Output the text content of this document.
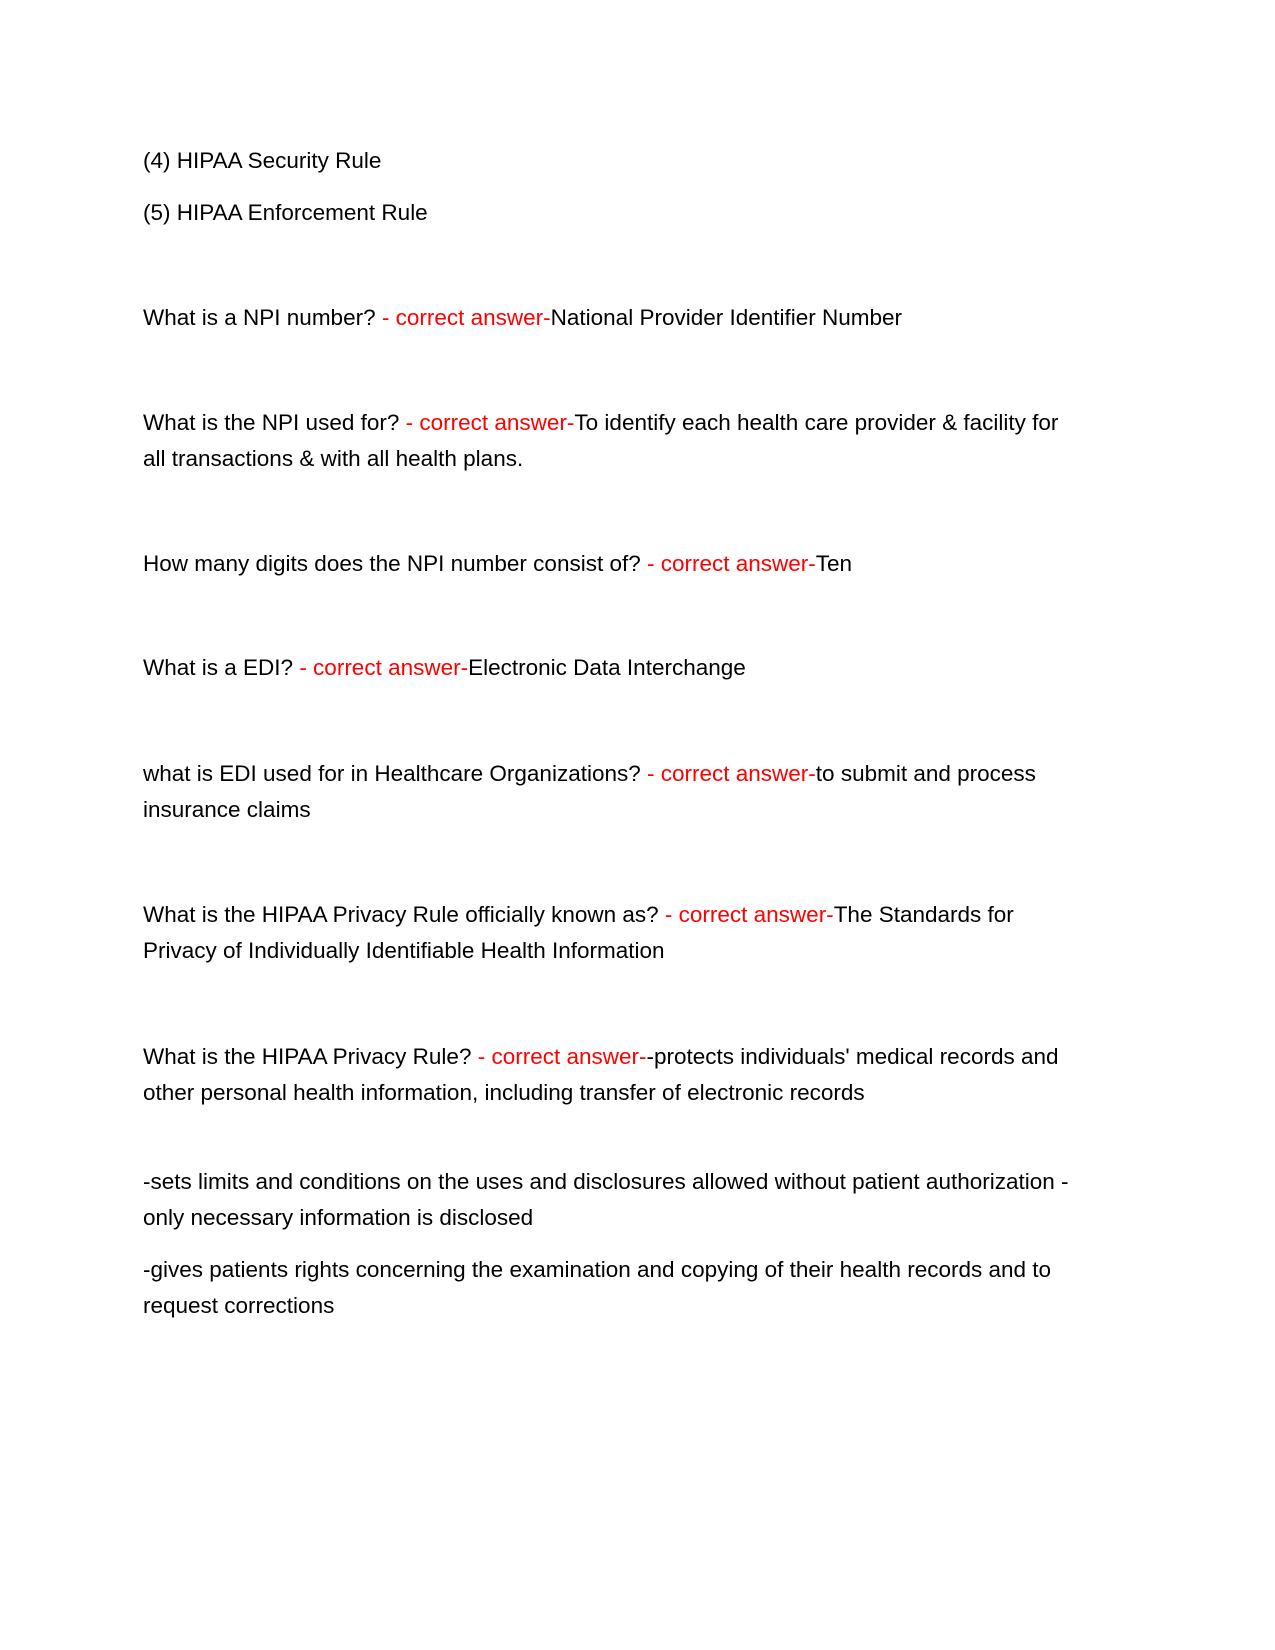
(4) HIPAA Security Rule
(5) HIPAA Enforcement Rule
What is a NPI number? - correct answer-National Provider Identifier Number
What is the NPI used for? - correct answer-To identify each health care provider & facility for all transactions & with all health plans.
How many digits does the NPI number consist of? - correct answer-Ten
What is a EDI? - correct answer-Electronic Data Interchange
what is EDI used for in Healthcare Organizations? - correct answer-to submit and process insurance claims
What is the HIPAA Privacy Rule officially known as? - correct answer-The Standards for Privacy of Individually Identifiable Health Information
What is the HIPAA Privacy Rule? - correct answer--protects individuals' medical records and other personal health information, including transfer of electronic records
-sets limits and conditions on the uses and disclosures allowed without patient authorization - only necessary information is disclosed
-gives patients rights concerning the examination and copying of their health records and to request corrections
